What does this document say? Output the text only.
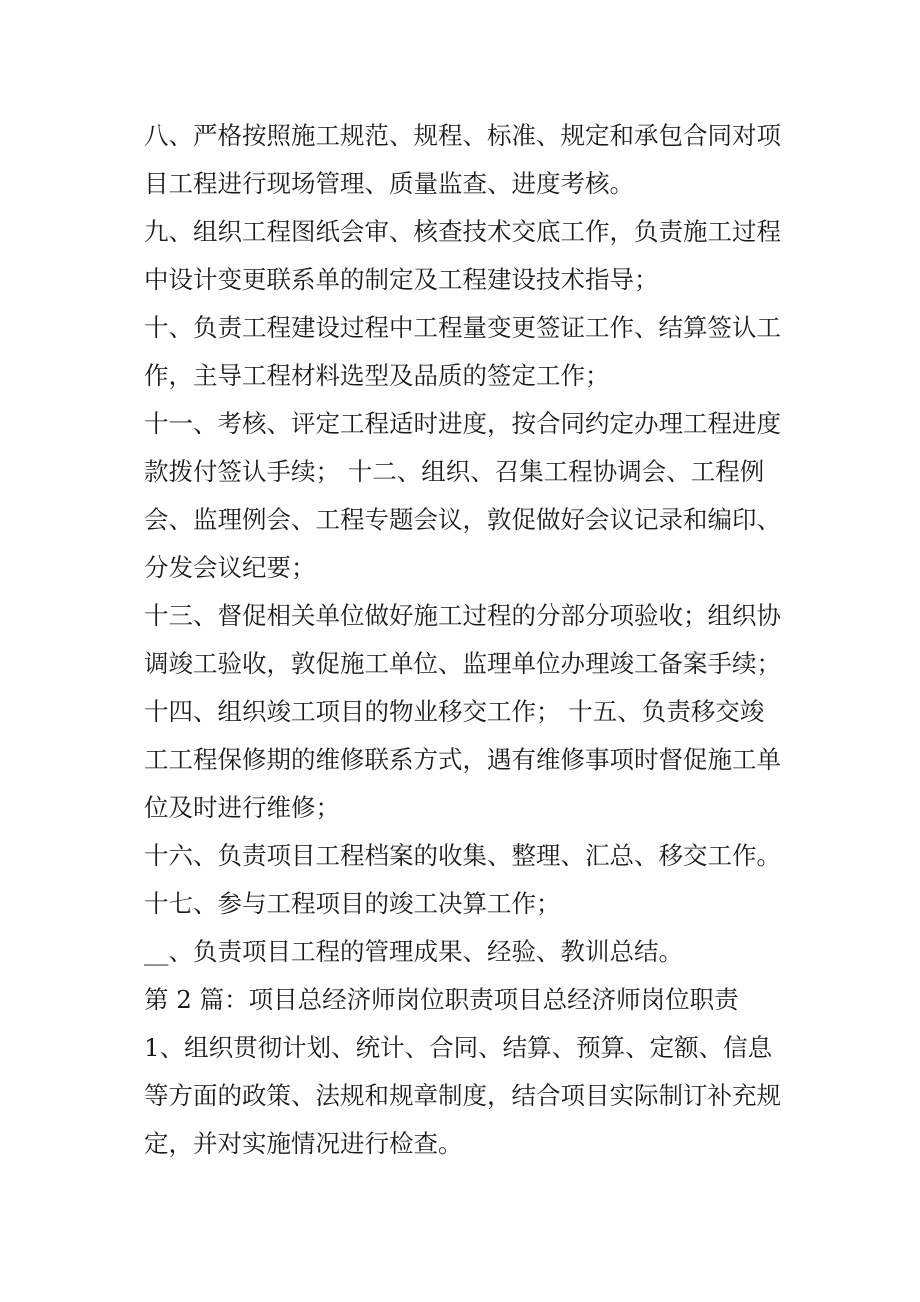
八、严格按照施工规范、规程、标准、规定和承包合同对项
目工程进行现场管理、质量监查、进度考核。
九、组织工程图纸会审、核查技术交底工作，负责施工过程
中设计变更联系单的制定及工程建设技术指导；
十、负责工程建设过程中工程量变更签证工作、结算签认工
作，主导工程材料选型及品质的签定工作；
十一、考核、评定工程适时进度，按合同约定办理工程进度
款拨付签认手续； 十二、组织、召集工程协调会、工程例
会、监理例会、工程专题会议，敦促做好会议记录和编印、
分发会议纪要；
十三、督促相关单位做好施工过程的分部分项验收；组织协
调竣工验收，敦促施工单位、监理单位办理竣工备案手续；
十四、组织竣工项目的物业移交工作； 十五、负责移交竣
工工程保修期的维修联系方式，遇有维修事项时督促施工单
位及时进行维修；
十六、负责项目工程档案的收集、整理、汇总、移交工作。
十七、参与工程项目的竣工决算工作；
__、负责项目工程的管理成果、经验、教训总结。
第 2 篇：项目总经济师岗位职责项目总经济师岗位职责
1、组织贯彻计划、统计、合同、结算、预算、定额、信息
等方面的政策、法规和规章制度，结合项目实际制订补充规
定，并对实施情况进行检查。
